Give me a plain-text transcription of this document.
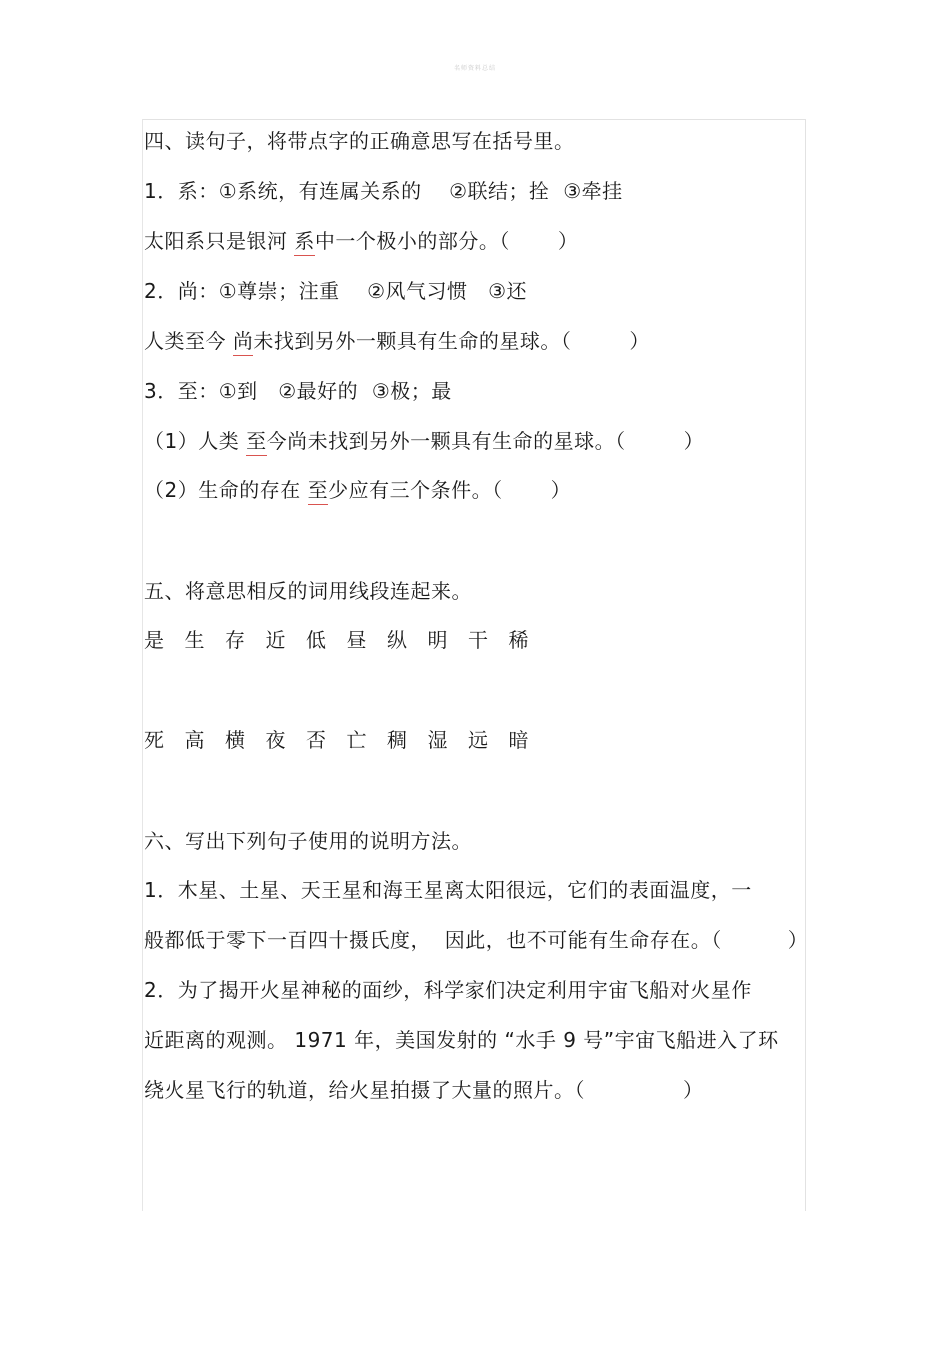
名师资料总结
四、读句子，将带点字的正确意思写在括号里。
1．系：①系统，有连属关系的    ②联结；拴  ③牵挂
太阳系只是银河 系中一个极小的部分。（ ）
2．尚：①尊崇；注重    ②风气习惯   ③还
人类至今 尚未找到另外一颗具有生命的星球。（	）
3．至：①到   ②最好的  ③极；最
（1）人类 至今尚未找到另外一颗具有生命的星球。（	）
（2）生命的存在 至少应有三个条件。（ ）
五、将意思相反的词用线段连起来。
是 生 存 近 低 昼 纵 明 干 稀
死 高 横 夜 否 亡 稠 湿 远 暗
六、写出下列句子使用的说明方法。
1．木星、土星、天王星和海王星离太阳很远，它们的表面温度，一
般都低于零下一百四十摄氏度，  因此，也不可能有生命存在。（	）
2．为了揭开火星神秘的面纱，科学家们决定利用宇宙飞船对火星作
近距离的观测。 1971 年，美国发射的 “水手 9 号”宇宙飞船进入了环
绕火星飞行的轨道，给火星拍摄了大量的照片。（	）
